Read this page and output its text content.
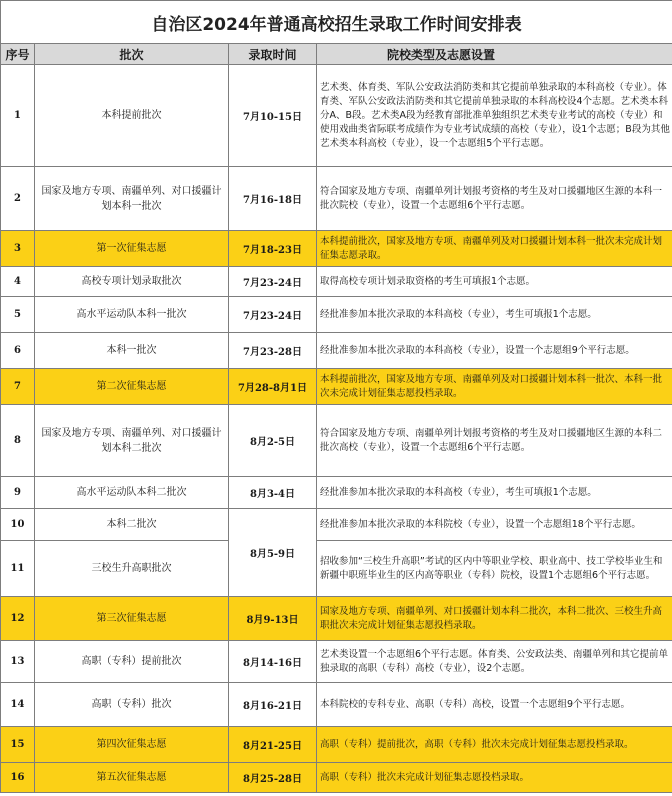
自治区2024年普通高校招生录取工作时间安排表			
序号	批次	录取时间	院校类型及志愿设置
1	本科提前批次	7月10-15日	艺术类、体育类、军队公安政法消防类和其它提前单独录取的本科高校（专业）。体育类、军队公安政法消防类和其它提前单独录取的本科高校设4个志愿。艺术类本科分A、B段。艺术类A段为经教育部批准单独组织艺术类专业考试的高校（专业）和使用戏曲类省际联考成绩作为专业考试成绩的高校（专业），设1个志愿；B段为其他艺术类本科高校（专业），设一个志愿组5个平行志愿。
2	国家及地方专项、南疆单列、对口援疆计划本科一批次	7月16-18日	符合国家及地方专项、南疆单列计划报考资格的考生及对口援疆地区生源的本科一批次院校（专业），设置一个志愿组6个平行志愿。
3	第一次征集志愿	7月18-23日	本科提前批次，国家及地方专项、南疆单列及对口援疆计划本科一批次未完成计划征集志愿录取。
4	高校专项计划录取批次	7月23-24日	取得高校专项计划录取资格的考生可填报1个志愿。
5	高水平运动队本科一批次	7月23-24日	经批准参加本批次录取的本科高校（专业），考生可填报1个志愿。
6	本科一批次	7月23-28日	经批准参加本批次录取的本科高校（专业），设置一个志愿组9个平行志愿。
7	第二次征集志愿	7月28-8月1日	本科提前批次，国家及地方专项、南疆单列及对口援疆计划本科一批次、本科一批次未完成计划征集志愿投档录取。
8	国家及地方专项、南疆单列、对口援疆计划本科二批次	8月2-5日	符合国家及地方专项、南疆单列计划报考资格的考生及对口援疆地区生源的本科二批次高校（专业），设置一个志愿组6个平行志愿。
9	高水平运动队本科二批次	8月3-4日	经批准参加本批次录取的本科高校（专业），考生可填报1个志愿。
10	本科二批次	8月5-9日	经批准参加本批次录取的本科院校（专业），设置一个志愿组18个平行志愿。
11	三校生升高职批次		招收参加“三校生升高职”考试的区内中等职业学校、职业高中、技工学校毕业生和新疆中职班毕业生的区内高等职业（专科）院校，设置1个志愿组6个平行志愿。
12	第三次征集志愿	8月9-13日	国家及地方专项、南疆单列、对口援疆计划本科二批次，本科二批次、三校生升高职批次未完成计划征集志愿投档录取。
13	高职（专科）提前批次	8月14-16日	艺术类设置一个志愿组6个平行志愿。体育类、公安政法类、南疆单列和其它提前单独录取的高职（专科）高校（专业），设2个志愿。
14	高职（专科）批次	8月16-21日	本科院校的专科专业、高职（专科）高校，设置一个志愿组9个平行志愿。
15	第四次征集志愿	8月21-25日	高职（专科）提前批次，高职（专科）批次未完成计划征集志愿投档录取。
16	第五次征集志愿	8月25-28日	高职（专科）批次未完成计划征集志愿投档录取。
